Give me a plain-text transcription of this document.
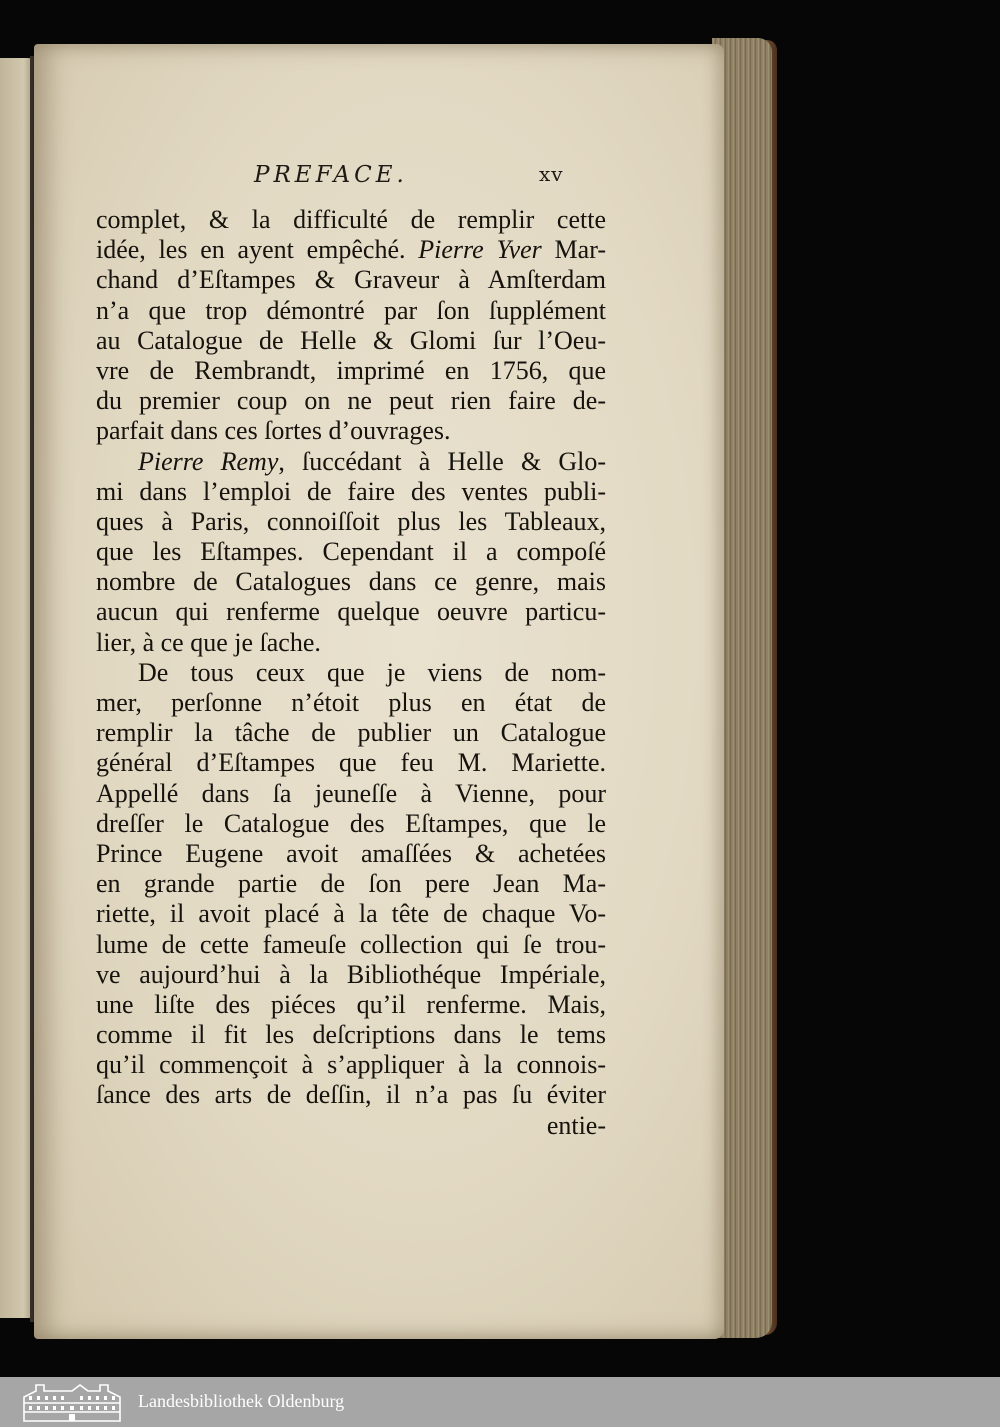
PREFACE.	xv
complet, & la difficulté de remplir cette
idée, les en ayent empêché. Pierre Yver Mar-
chand d’Eſtampes & Graveur à Amſterdam
n’a que trop démontré par ſon ſupplément
au Catalogue de Helle & Glomi ſur l’Oeu-
vre de Rembrandt, imprimé en 1756, que
du premier coup on ne peut rien faire de-
parfait dans ces ſortes d’ouvrages.
Pierre Remy, ſuccédant à Helle & Glo-
mi dans l’emploi de faire des ventes publi-
ques à Paris, connoiſſoit plus les Tableaux,
que les Eſtampes. Cependant il a compoſé
nombre de Catalogues dans ce genre, mais
aucun qui renferme quelque oeuvre particu-
lier, à ce que je ſache.
De tous ceux que je viens de nom-
mer, perſonne n’étoit plus en état de
remplir la tâche de publier un Catalogue
général d’Eſtampes que feu M. Mariette.
Appellé dans ſa jeuneſſe à Vienne, pour
dreſſer le Catalogue des Eſtampes, que le
Prince Eugene avoit amaſſées & achetées
en grande partie de ſon pere Jean Ma-
riette, il avoit placé à la tête de chaque Vo-
lume de cette fameuſe collection qui ſe trou-
ve aujourd’hui à la Bibliothéque Impériale,
une liſte des piéces qu’il renferme. Mais,
comme il fit les deſcriptions dans le tems
qu’il commençoit à s’appliquer à la connois-
ſance des arts de deſſin, il n’a pas ſu éviter
entie-
Landesbibliothek Oldenburg
